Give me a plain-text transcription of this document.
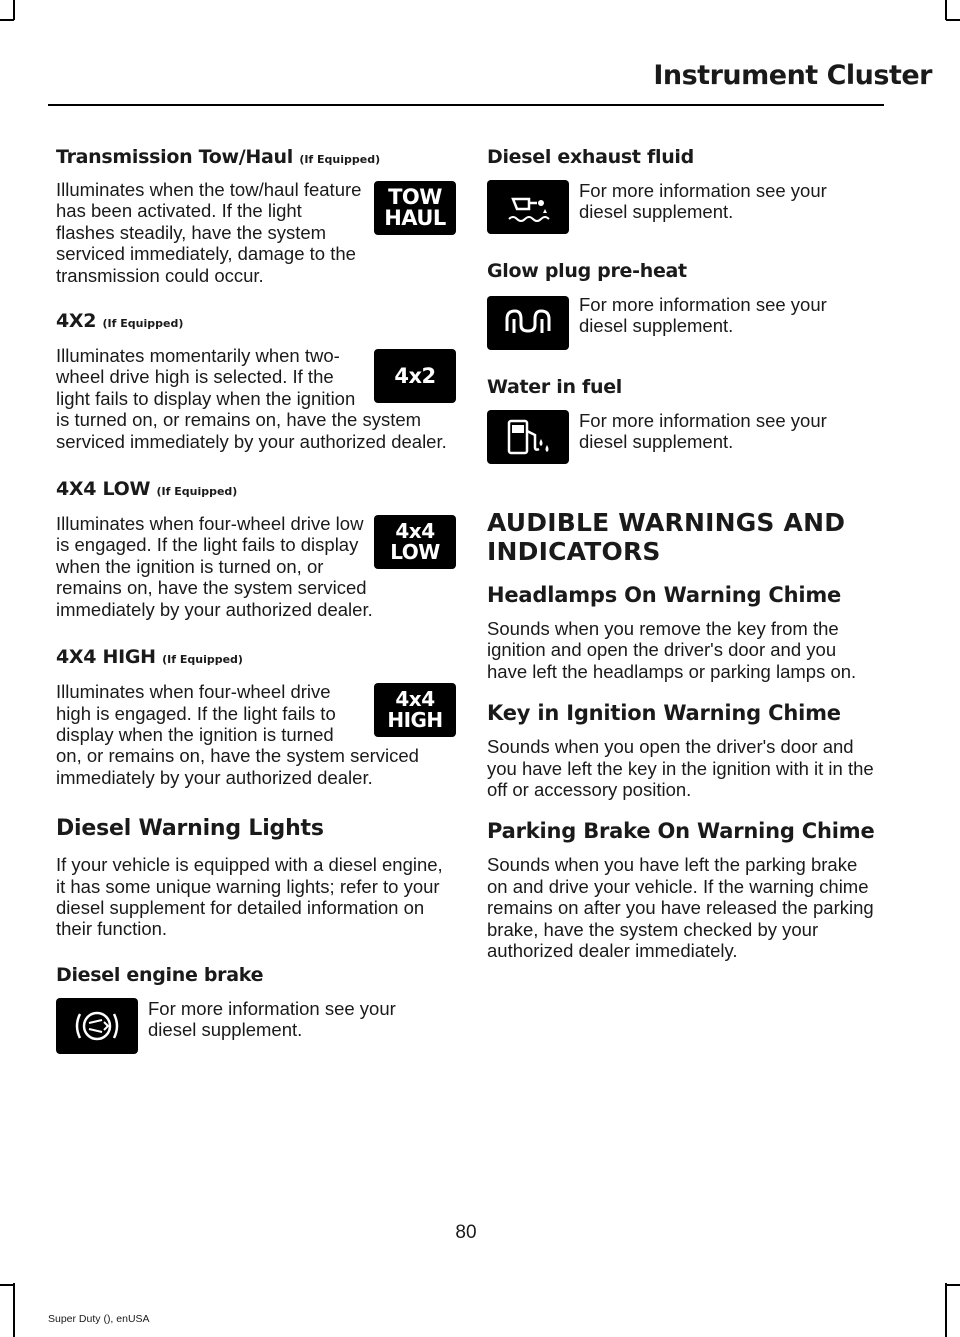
Instrument Cluster
Transmission Tow/Haul (If Equipped)
TOW
HAUL

Illuminates when the tow/haul feature has been activated. If the light flashes steadily, have the system serviced immediately, damage to the transmission could occur.

4X2 (If Equipped)
4x2

Illuminates momentarily when two-wheel drive high is selected. If the light fails to display when the ignition is turned on, or remains on, have the system serviced immediately by your authorized dealer.

4X4 LOW (If Equipped)
4x4
LOW

Illuminates when four-wheel drive low is engaged. If the light fails to display when the ignition is turned on, or remains on, have the system serviced immediately by your authorized dealer.

4X4 HIGH (If Equipped)
4x4
HIGH

Illuminates when four-wheel drive high is engaged. If the light fails to display when the ignition is turned on, or remains on, have the system serviced immediately by your authorized dealer.

Diesel Warning Lights

If your vehicle is equipped with a diesel engine, it has some unique warning lights; refer to your diesel supplement for detailed information on their function.

Diesel engine brake

For more information see your diesel supplement.

Diesel exhaust fluid

For more information see your diesel supplement.

Glow plug pre-heat

For more information see your diesel supplement.

Water in fuel

For more information see your diesel supplement.

AUDIBLE WARNINGS AND INDICATORS
Headlamps On Warning Chime

Sounds when you remove the key from the ignition and open the driver's door and you have left the headlamps or parking lamps on.

Key in Ignition Warning Chime

Sounds when you open the driver's door and you have left the key in the ignition with it in the off or accessory position.

Parking Brake On Warning Chime

Sounds when you have left the parking brake on and drive your vehicle. If the warning chime remains on after you have released the parking brake, have the system checked by your authorized dealer immediately.

80
Super Duty (), enUSA
